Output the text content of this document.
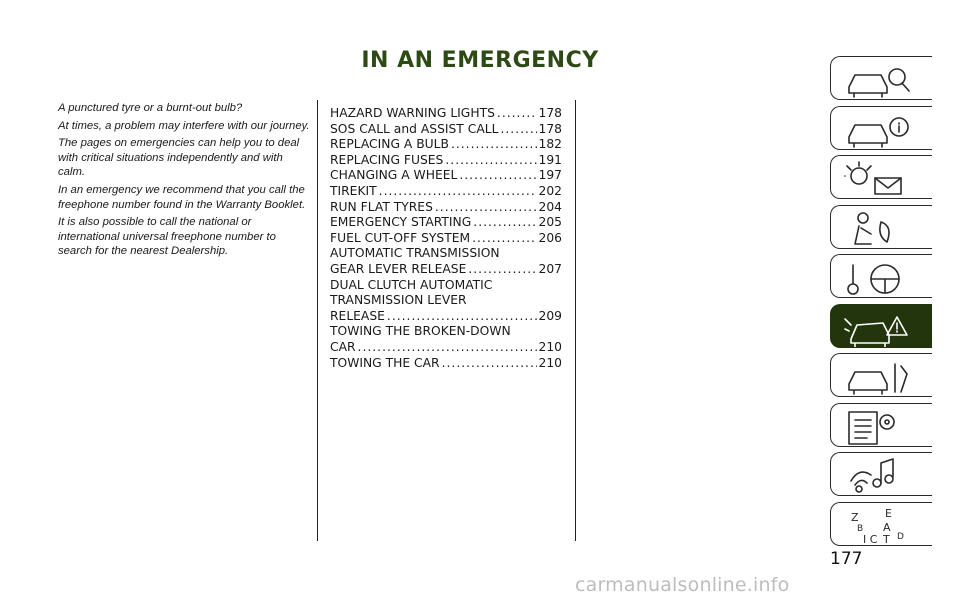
IN AN EMERGENCY

A punctured tyre or a burnt-out bulb?

At times, a problem may interfere with our journey.

The pages on emergencies can help you to deal with critical situations independently and with calm.

In an emergency we recommend that you call the freephone number found in the Warranty Booklet.

It is also possible to call the national or international universal freephone number to search for the nearest Dealership.

HAZARD WARNING LIGHTS .....	178
SOS CALL and ASSIST CALL .....	178
REPLACING A BULB .....	182
REPLACING FUSES .....	191
CHANGING A WHEEL .....	197
TIREKIT .....	202
RUN FLAT TYRES .....	204
EMERGENCY STARTING .....	205
FUEL CUT-OFF SYSTEM .....	206
AUTOMATIC TRANSMISSION
GEAR LEVER RELEASE .....	207
DUAL CLUTCH AUTOMATIC
TRANSMISSION LEVER
RELEASE .....	209
TOWING THE BROKEN-DOWN
CAR .....	210
TOWING THE CAR .....	210
Z E
B A
I C T D
177
carmanualsonline.info
